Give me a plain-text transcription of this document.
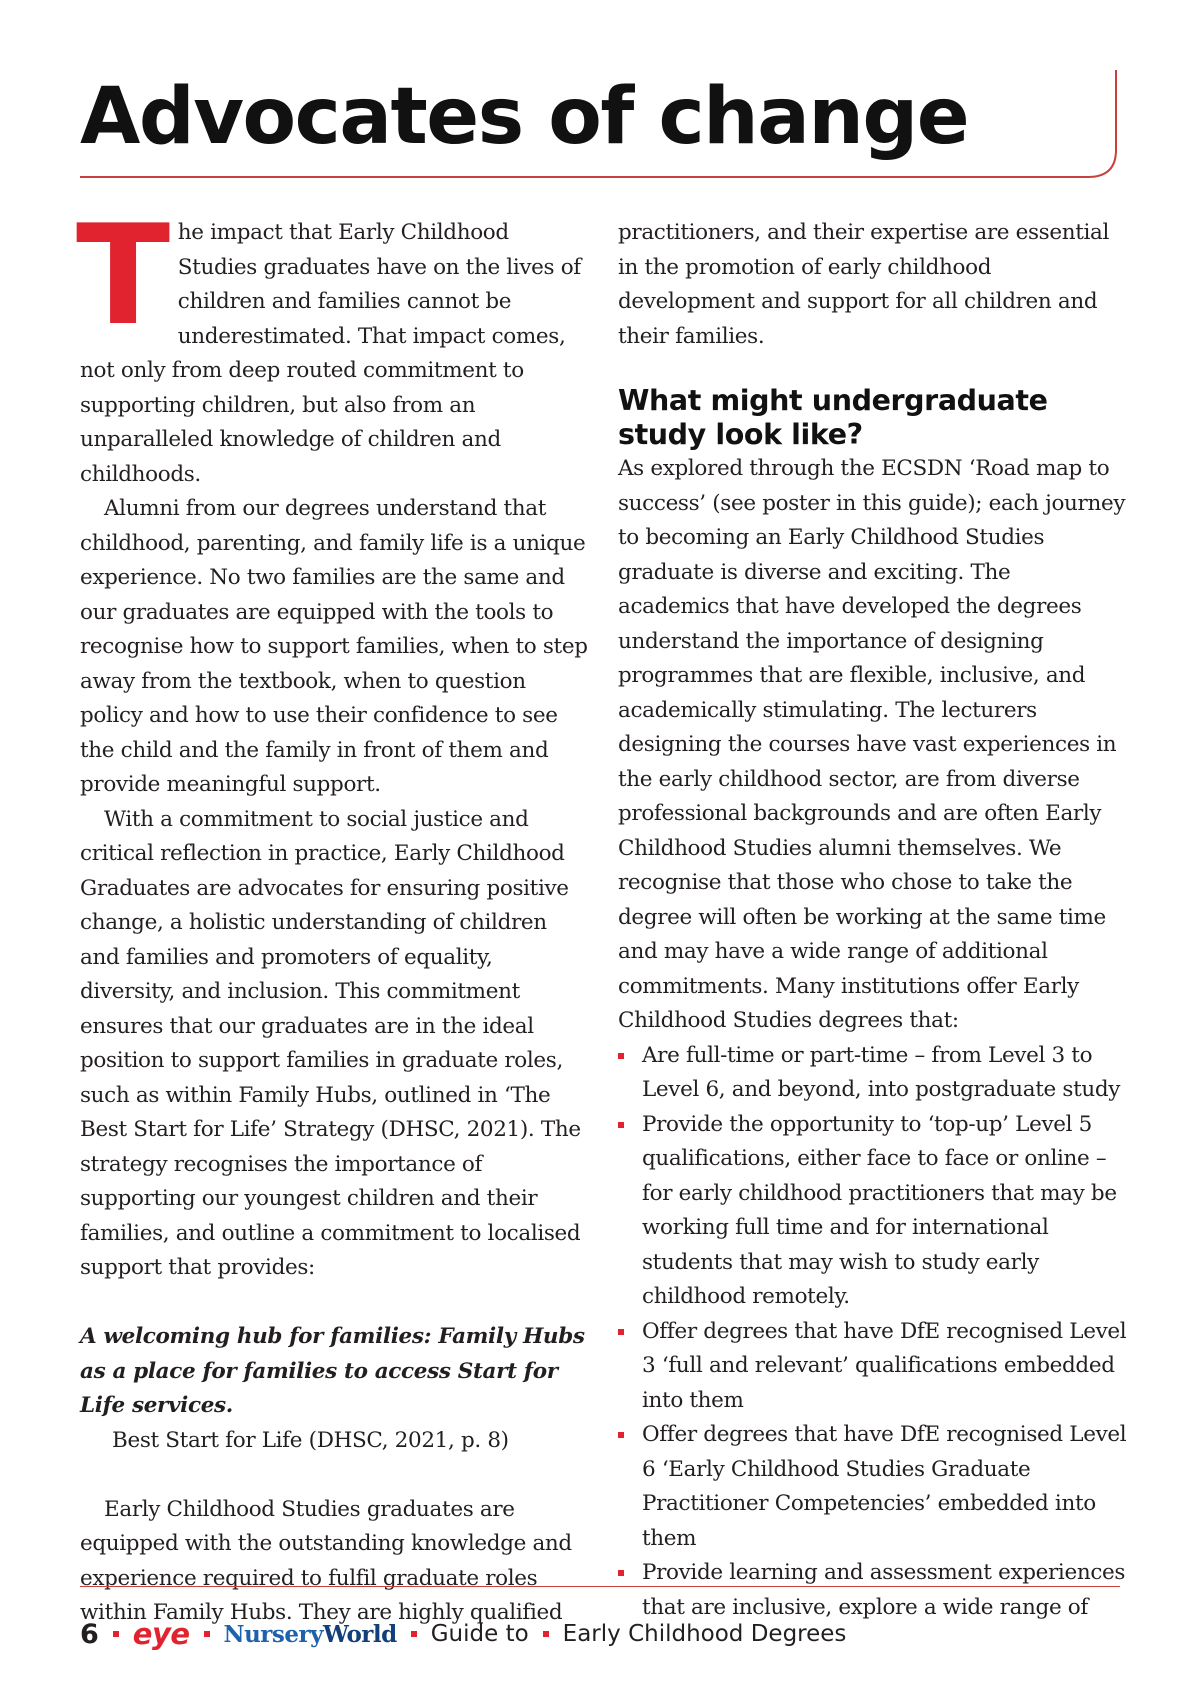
Advocates of change

The impact that Early Childhood Studies graduates have on the lives of children and families cannot be underestimated. That impact comes, not only from deep routed commitment to supporting children, but also from an unparalleled knowledge of children and childhoods.

Alumni from our degrees understand that childhood, parenting, and family life is a unique experience. No two families are the same and our graduates are equipped with the tools to recognise how to support families, when to step away from the textbook, when to question policy and how to use their confidence to see the child and the family in front of them and provide meaningful support.

With a commitment to social justice and critical reflection in practice, Early Childhood Graduates are advocates for ensuring positive change, a holistic understanding of children and families and promoters of equality, diversity, and inclusion. This commitment ensures that our graduates are in the ideal position to support families in graduate roles, such as within Family Hubs, outlined in ‘The Best Start for Life’ Strategy (DHSC, 2021). The strategy recognises the importance of supporting our youngest children and their families, and outline a commitment to localised support that provides:

A welcoming hub for families: Family Hubs as a place for families to access Start for Life services.Best Start for Life (DHSC, 2021, p. 8)

Early Childhood Studies graduates are equipped with the outstanding knowledge and experience required to fulfil graduate roles within Family Hubs. They are highly qualified

practitioners, and their expertise are essential in the promotion of early childhood development and support for all children and their families.

What might undergraduate study look like?

As explored through the ECSDN ‘Road map to success’ (see poster in this guide); each journey to becoming an Early Childhood Studies graduate is diverse and exciting. The academics that have developed the degrees understand the importance of designing programmes that are flexible, inclusive, and academically stimulating. The lecturers designing the courses have vast experiences in the early childhood sector, are from diverse professional backgrounds and are often Early Childhood Studies alumni themselves. We recognise that those who chose to take the degree will often be working at the same time and may have a wide range of additional commitments. Many institutions offer Early Childhood Studies degrees that:

Are full-time or part-time – from Level 3 to Level 6, and beyond, into postgraduate study
Provide the opportunity to ‘top-up’ Level 5 qualifications, either face to face or online – for early childhood practitioners that may be working full time and for international students that may wish to study early childhood remotely.
Offer degrees that have DfE recognised Level 3 ‘full and relevant’ qualifications embedded into them
Offer degrees that have DfE recognised Level 6 ‘Early Childhood Studies Graduate Practitioner Competencies’ embedded into them
Provide learning and assessment experiences that are inclusive, explore a wide range of
6 eye NurseryWorld Guide to Early Childhood Degrees
